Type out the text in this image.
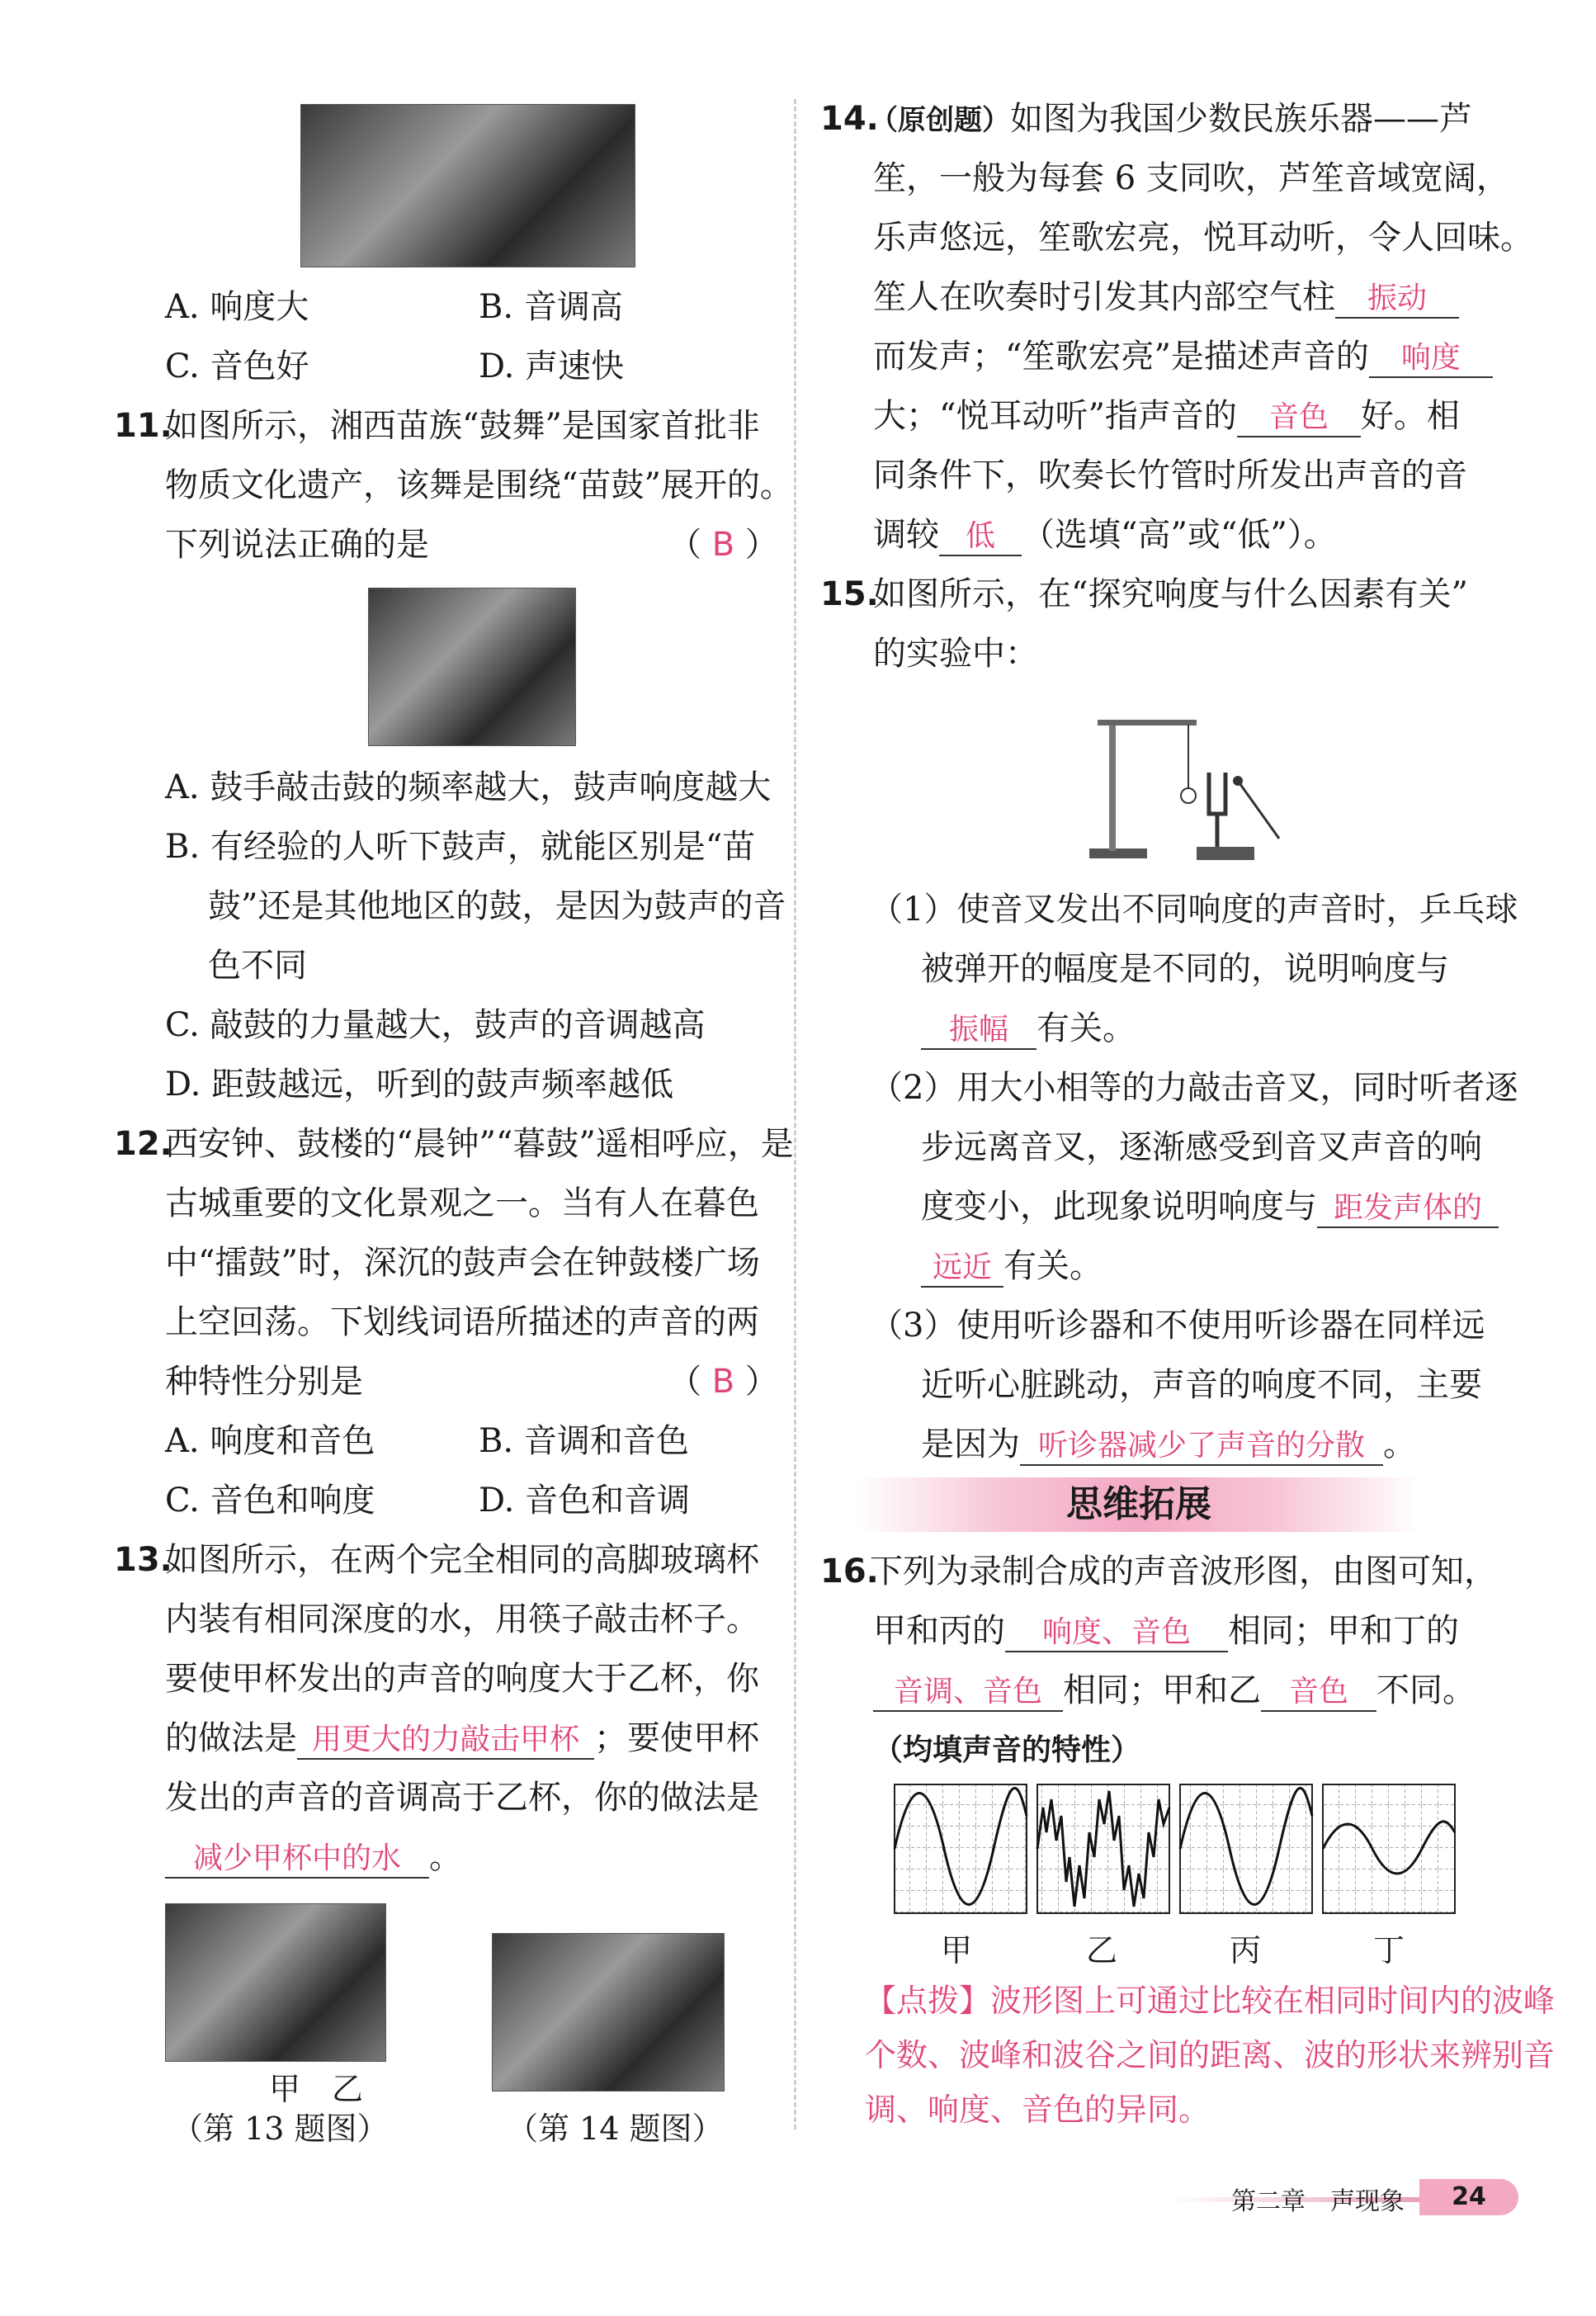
A. 响度大	B. 音调高
C. 音色好	D. 声速快
11.
如图所示，湘西苗族“鼓舞”是国家首批非
物质文化遗产，该舞是围绕“苗鼓”展开的。
下列说法正确的是	（ B ）
A. 鼓手敲击鼓的频率越大，鼓声响度越大
B. 有经验的人听下鼓声，就能区别是“苗
鼓”还是其他地区的鼓，是因为鼓声的音
色不同
C. 敲鼓的力量越大，鼓声的音调越高
D. 距鼓越远，听到的鼓声频率越低
12.
西安钟、鼓楼的“晨钟”“暮鼓”遥相呼应，是
古城重要的文化景观之一。当有人在暮色
中“擂鼓”时，深沉的鼓声会在钟鼓楼广场
上空回荡。下划线词语所描述的声音的两
种特性分别是	（ B ）
A. 响度和音色	B. 音调和音色
C. 音色和响度	D. 音色和音调
13.
如图所示，在两个完全相同的高脚玻璃杯
内装有相同深度的水，用筷子敲击杯子。
要使甲杯发出的声音的响度大于乙杯，你
的做法是 用更大的力敲击甲杯 ；要使甲杯
发出的声音的音调高于乙杯，你的做法是
减少甲杯中的水 。
甲　乙
（第 13 题图）	（第 14 题图）
14.
（原创题）如图为我国少数民族乐器——芦
笙，一般为每套 6 支同吹，芦笙音域宽阔，
乐声悠远，笙歌宏亮，悦耳动听，令人回味。
笙人在吹奏时引发其内部空气柱 振动
而发声；“笙歌宏亮”是描述声音的 响度
大；“悦耳动听”指声音的 音色 好。相
同条件下，吹奏长竹管时所发出声音的音
调较 低 （选填“高”或“低”）。
15.
如图所示，在“探究响度与什么因素有关”
的实验中：
（1）使音叉发出不同响度的声音时，乒乓球
被弹开的幅度是不同的，说明响度与
振幅 有关。
（2）用大小相等的力敲击音叉，同时听者逐
步远离音叉，逐渐感受到音叉声音的响
度变小，此现象说明响度与 距发声体的
远近 有关。
（3）使用听诊器和不使用听诊器在同样远
近听心脏跳动，声音的响度不同，主要
是因为 听诊器减少了声音的分散 。
思维拓展
16.
下列为录制合成的声音波形图，由图可知，
甲和丙的 响度、音色 相同；甲和丁的
音调、音色 相同；甲和乙 音色 不同。
（均填声音的特性）
甲	乙	丙	丁
【点拨】波形图上可通过比较在相同时间内的波峰
个数、波峰和波谷之间的距离、波的形状来辨别音
调、响度、音色的异同。
第二章　声现象	24
